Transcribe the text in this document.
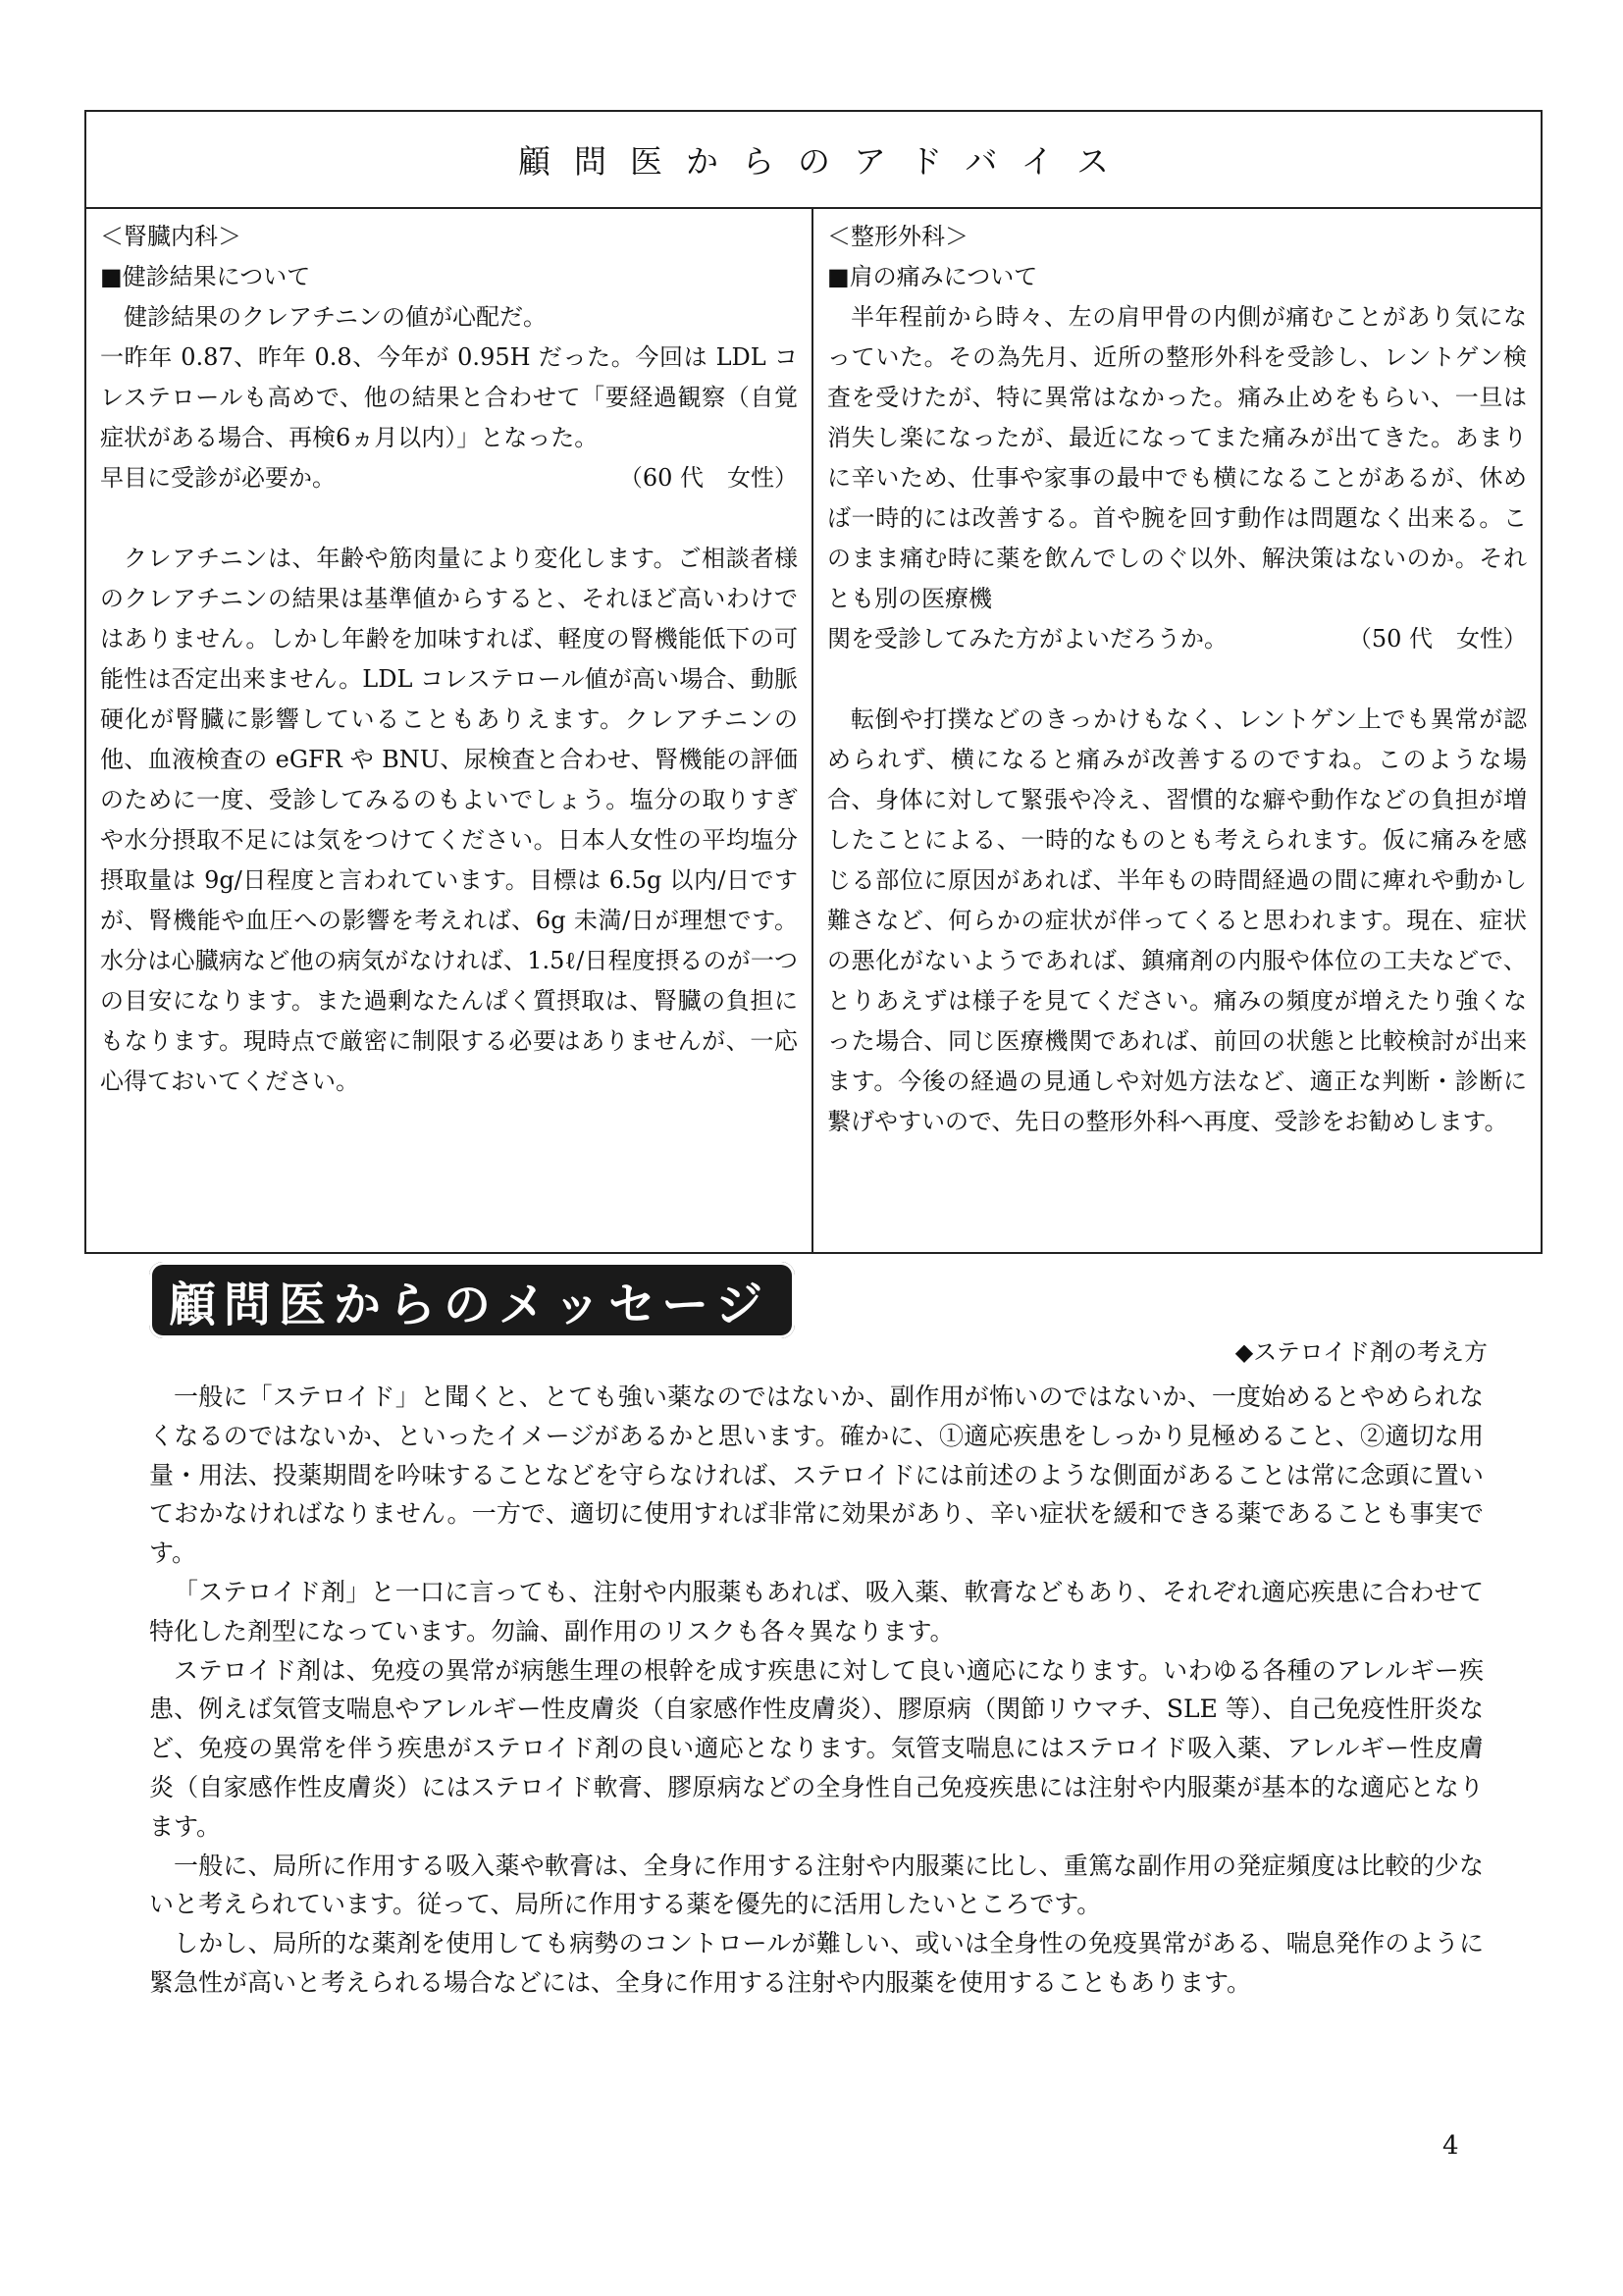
顧問医からのアドバイス

＜腎臓内科＞

■健診結果について

健診結果のクレアチニンの値が心配だ。

一昨年 0.87、昨年 0.8、今年が 0.95H だった。今回は LDL コレステロールも高めで、他の結果と合わせて「要経過観察（自覚症状がある場合、再検6ヵ月以内）」となった。

早目に受診が必要か。	（60 代　女性）

クレアチニンは、年齢や筋肉量により変化します。ご相談者様のクレアチニンの結果は基準値からすると、それほど高いわけではありません。しかし年齢を加味すれば、軽度の腎機能低下の可能性は否定出来ません。LDL コレステロール値が高い場合、動脈硬化が腎臓に影響していることもありえます。クレアチニンの他、血液検査の eGFR や BNU、尿検査と合わせ、腎機能の評価のために一度、受診してみるのもよいでしょう。塩分の取りすぎや水分摂取不足には気をつけてください。日本人女性の平均塩分摂取量は 9g/日程度と言われています。目標は 6.5g 以内/日ですが、腎機能や血圧への影響を考えれば、6g 未満/日が理想です。水分は心臓病など他の病気がなければ、1.5ℓ/日程度摂るのが一つの目安になります。また過剰なたんぱく質摂取は、腎臓の負担にもなります。現時点で厳密に制限する必要はありませんが、一応心得ておいてください。

＜整形外科＞

■肩の痛みについて

半年程前から時々、左の肩甲骨の内側が痛むことがあり気になっていた。その為先月、近所の整形外科を受診し、レントゲン検査を受けたが、特に異常はなかった。痛み止めをもらい、一旦は消失し楽になったが、最近になってまた痛みが出てきた。あまりに辛いため、仕事や家事の最中でも横になることがあるが、休めば一時的には改善する。首や腕を回す動作は問題なく出来る。このまま痛む時に薬を飲んでしのぐ以外、解決策はないのか。それとも別の医療機

関を受診してみた方がよいだろうか。	（50 代　女性）

転倒や打撲などのきっかけもなく、レントゲン上でも異常が認められず、横になると痛みが改善するのですね。このような場合、身体に対して緊張や冷え、習慣的な癖や動作などの負担が増したことによる、一時的なものとも考えられます。仮に痛みを感じる部位に原因があれば、半年もの時間経過の間に痺れや動かし難さなど、何らかの症状が伴ってくると思われます。現在、症状の悪化がないようであれば、鎮痛剤の内服や体位の工夫などで、とりあえずは様子を見てください。痛みの頻度が増えたり強くなった場合、同じ医療機関であれば、前回の状態と比較検討が出来ます。今後の経過の見通しや対処方法など、適正な判断・診断に繋げやすいので、先日の整形外科へ再度、受診をお勧めします。

顧問医からのメッセージ
◆ステロイド剤の考え方

一般に「ステロイド」と聞くと、とても強い薬なのではないか、副作用が怖いのではないか、一度始めるとやめられなくなるのではないか、といったイメージがあるかと思います。確かに、①適応疾患をしっかり見極めること、②適切な用量・用法、投薬期間を吟味することなどを守らなければ、ステロイドには前述のような側面があることは常に念頭に置いておかなければなりません。一方で、適切に使用すれば非常に効果があり、辛い症状を緩和できる薬であることも事実です。

「ステロイド剤」と一口に言っても、注射や内服薬もあれば、吸入薬、軟膏などもあり、それぞれ適応疾患に合わせて特化した剤型になっています。勿論、副作用のリスクも各々異なります。

ステロイド剤は、免疫の異常が病態生理の根幹を成す疾患に対して良い適応になります。いわゆる各種のアレルギー疾患、例えば気管支喘息やアレルギー性皮膚炎（自家感作性皮膚炎）、膠原病（関節リウマチ、SLE 等）、自己免疫性肝炎など、免疫の異常を伴う疾患がステロイド剤の良い適応となります。気管支喘息にはステロイド吸入薬、アレルギー性皮膚炎（自家感作性皮膚炎）にはステロイド軟膏、膠原病などの全身性自己免疫疾患には注射や内服薬が基本的な適応となります。

一般に、局所に作用する吸入薬や軟膏は、全身に作用する注射や内服薬に比し、重篤な副作用の発症頻度は比較的少ないと考えられています。従って、局所に作用する薬を優先的に活用したいところです。

しかし、局所的な薬剤を使用しても病勢のコントロールが難しい、或いは全身性の免疫異常がある、喘息発作のように緊急性が高いと考えられる場合などには、全身に作用する注射や内服薬を使用することもあります。

4
